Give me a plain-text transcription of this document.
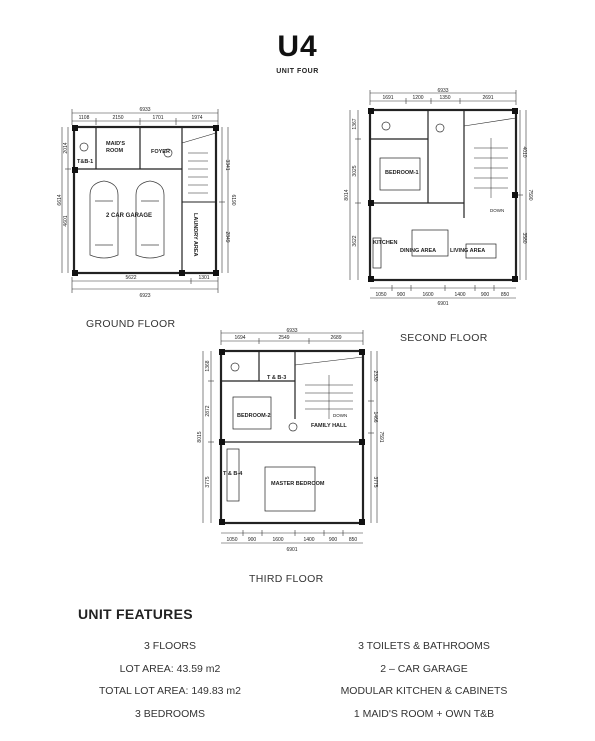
U4
UNIT FOUR
T&B-1
MAID'S
ROOM	FOYER
2 CAR GARAGE	LAUNDRY AREA
6933
1108	2150	1701	1974
6614
2014
4601
6190
3341
2849
5622	1301
6923
GROUND FLOOR
BEDROOM-1
KITCHEN
DINING AREA	LIVING AREA
DOWN
6933
1691	1200	1350	2691
8014
1367
3025
3622
7590
4010
3580
1050 900	1600	1400	900 850
6901
SECOND FLOOR
T & B-3
BEDROOM-2
FAMILY HALL
T & B-4
MASTER BEDROOM
DOWN
6933
1694	2549	2689
8015
1368
2872
3775
7591
2330
1466
3775
1050 900	1600	1400	900 850
6901
THIRD FLOOR
UNIT FEATURES
3 FLOORS
LOT AREA: 43.59 m2
TOTAL LOT AREA: 149.83 m2
3 BEDROOMS
3 TOILETS & BATHROOMS
2 – CAR GARAGE
MODULAR KITCHEN & CABINETS
1 MAID'S ROOM + OWN T&B
